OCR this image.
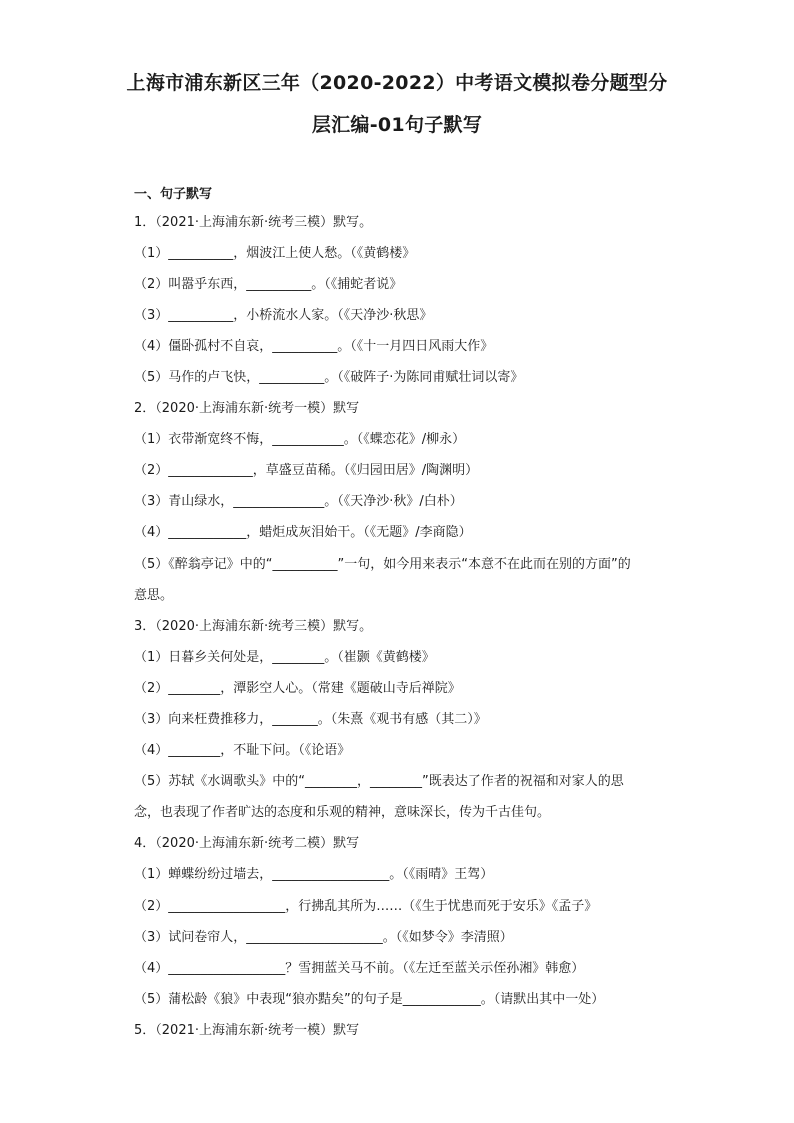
上海市浦东新区三年（2020-2022）中考语文模拟卷分题型分
层汇编-01句子默写
一、句子默写
1．（2021·上海浦东新·统考三模）默写。
（1）__________，烟波江上使人愁。（《黄鹤楼》
（2）叫嚣乎东西，__________。（《捕蛇者说》
（3）__________，小桥流水人家。（《天净沙·秋思》
（4）僵卧孤村不自哀，__________。（《十一月四日风雨大作》
（5）马作的卢飞快，__________。（《破阵子·为陈同甫赋壮词以寄》
2．（2020·上海浦东新·统考一模）默写
（1）衣带渐宽终不悔，___________。（《蝶恋花》/柳永）
（2）_____________，草盛豆苗稀。（《归园田居》/陶渊明）
（3）青山绿水，______________。（《天净沙·秋》/白朴）
（4）____________，蜡炬成灰泪始干。（《无题》/李商隐）
（5）《醉翁亭记》中的“__________”一句，如今用来表示“本意不在此而在别的方面”的
意思。
3．（2020·上海浦东新·统考三模）默写。
（1）日暮乡关何处是，________。（崔颢《黄鹤楼》
（2）________，潭影空人心。（常建《题破山寺后禅院》
（3）向来枉费推移力，_______。（朱熹《观书有感（其二）》
（4）________，不耻下问。（《论语》
（5）苏轼《水调歌头》中的“________，________”既表达了作者的祝福和对家人的思
念，也表现了作者旷达的态度和乐观的精神，意味深长，传为千古佳句。
4．（2020·上海浦东新·统考二模）默写
（1）蝉蝶纷纷过墙去，__________________。（《雨晴》王驾）
（2）__________________，行拂乱其所为……（《生于忧患而死于安乐》《孟子》
（3）试问卷帘人，_____________________。（《如梦令》李清照）
（4）__________________？雪拥蓝关马不前。（《左迁至蓝关示侄孙湘》韩愈）
（5）蒲松龄《狼》中表现“狼亦黠矣”的句子是____________。（请默出其中一处）
5．（2021·上海浦东新·统考一模）默写
